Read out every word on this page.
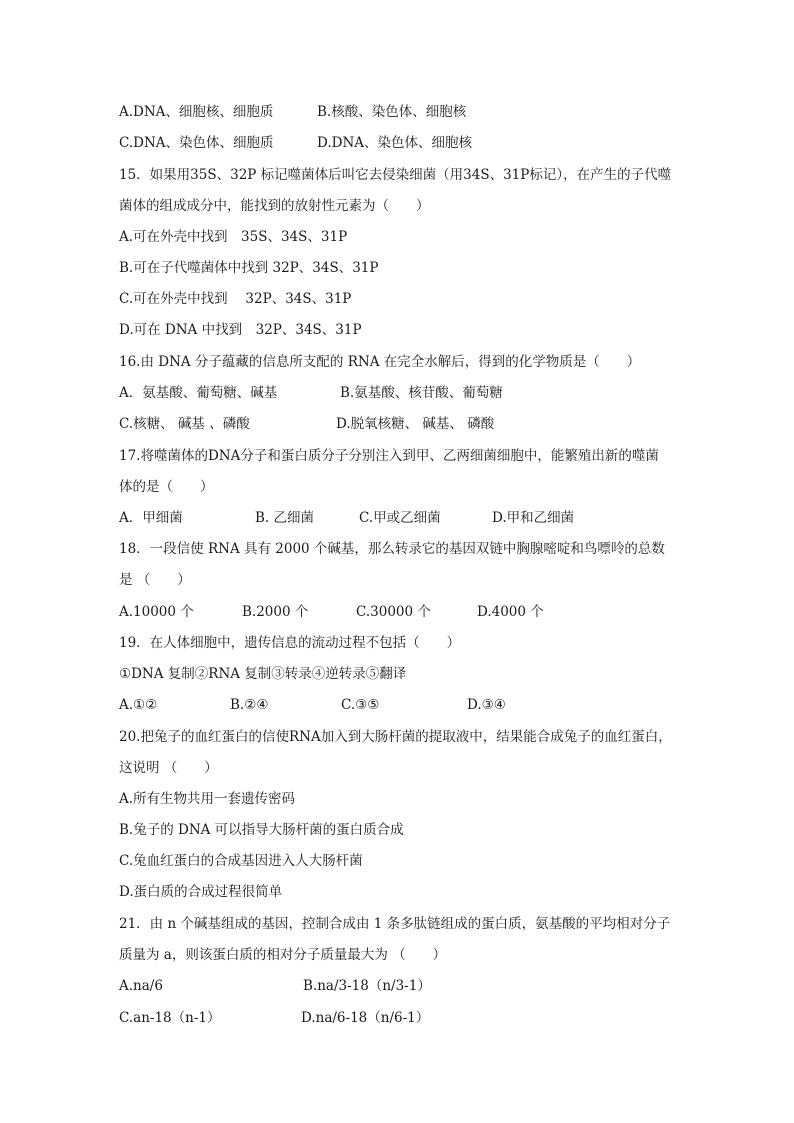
A.DNA、细胞核、细胞质	B.核酸、染色体、细胞核
C.DNA、染色体、细胞质	D.DNA、染色体、细胞核
15．如果用35S、32P 标记噬菌体后叫它去侵染细菌（用34S、31P标记），在产生的子代噬
菌体的组成成分中，能找到的放射性元素为（　　）
A.可在外壳中找到　35S、34S、31P
B.可在子代噬菌体中找到 32P、34S、31P
C.可在外壳中找到　 32P、34S、31P
D.可在 DNA 中找到　32P、34S、31P
16.由 DNA 分子蕴藏的信息所支配的 RNA 在完全水解后，得到的化学物质是（　　）
A．氨基酸、葡萄糖、碱基	B.氨基酸、核苷酸、葡萄糖
C.核糖、 碱基 、磷酸	D.脱氧核糖、 碱基、 磷酸
17.将噬菌体的DNA分子和蛋白质分子分别注入到甲、乙两细菌细胞中，能繁殖出新的噬菌
体的是（　　）
A．甲细菌	B. 乙细菌	C.甲或乙细菌	D.甲和乙细菌
18．一段信使 RNA 具有 2000 个碱基，那么转录它的基因双链中胸腺嘧啶和鸟嘌呤的总数
是 （　　）
A.10000 个	B.2000 个	C.30000 个	D.4000 个
19．在人体细胞中，遗传信息的流动过程不包括（　　）
①DNA 复制②RNA 复制③转录④逆转录⑤翻译
A.①②	B.②④	C.③⑤	D.③④
20.把兔子的血红蛋白的信使RNA加入到大肠杆菌的提取液中，结果能合成兔子的血红蛋白，
这说明 （　　）
A.所有生物共用一套遗传密码
B.兔子的 DNA 可以指导大肠杆菌的蛋白质合成
C.兔血红蛋白的合成基因进入人大肠杆菌
D.蛋白质的合成过程很简单
21．由 n 个碱基组成的基因，控制合成由 1 条多肽链组成的蛋白质，氨基酸的平均相对分子
质量为 a，则该蛋白质的相对分子质量最大为 （　　）
A.na/6	B.na/3-18（n/3-1）
C.an-18（n-1）	D.na/6-18（n/6-1）
